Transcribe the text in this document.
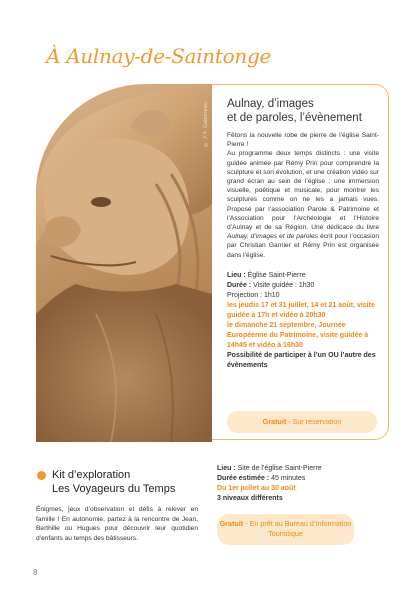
À Aulnay-de-Saintonge
© J.Y. Gaborieau Aulnay, d’images
et de paroles, l’évènement
Fêtons la nouvelle robe de pierre de l’église Saint-Pierre !
Au programme deux temps distincts : une visite guidée animée par Rémy Prin pour comprendre la sculpture et son évolution, et une création vidéo sur grand écran au sein de l’église : une immersion visuelle, poétique et musicale, pour montrer les sculptures comme on ne les a jamais vues. Proposé par l’association Parole & Patrimoine et l’Association pour l’Archéologie et l’Histoire d’Aulnay et de sa Région. Une dédicace du livre Aulnay, d’images et de paroles écrit pour l’occasion par Christian Garnier et Rémy Prin est organisée dans l’église.
Lieu : Église Saint-Pierre
Durée : Visite guidée : 1h30
Projection : 1h10
les jeudis 17 et 31 juillet, 14 et 21 août, visite guidée à 17h et vidéo à 20h30
le dimanche 21 septembre, Journée Européenne du Patrimoine, visite guidée à 14h45 et vidéo à 16h30
Possibilité de participer à l’un OU l’autre des évènements
Gratuit - Sur réservation
Kit d’exploration
Les Voyageurs du Temps
Énigmes, jeux d’observation et défis à relever en famille ! En autonomie, partez à la rencontre de Jean, Berthille ou Hugues pour découvrir leur quotidien d’enfants au temps des bâtisseurs.
Lieu : Site de l’église Saint-Pierre
Durée estimée : 45 minutes
Du 1er juillet au 30 août
3 niveaux différents
Gratuit - En prêt au Bureau d’Information Touristique
8
